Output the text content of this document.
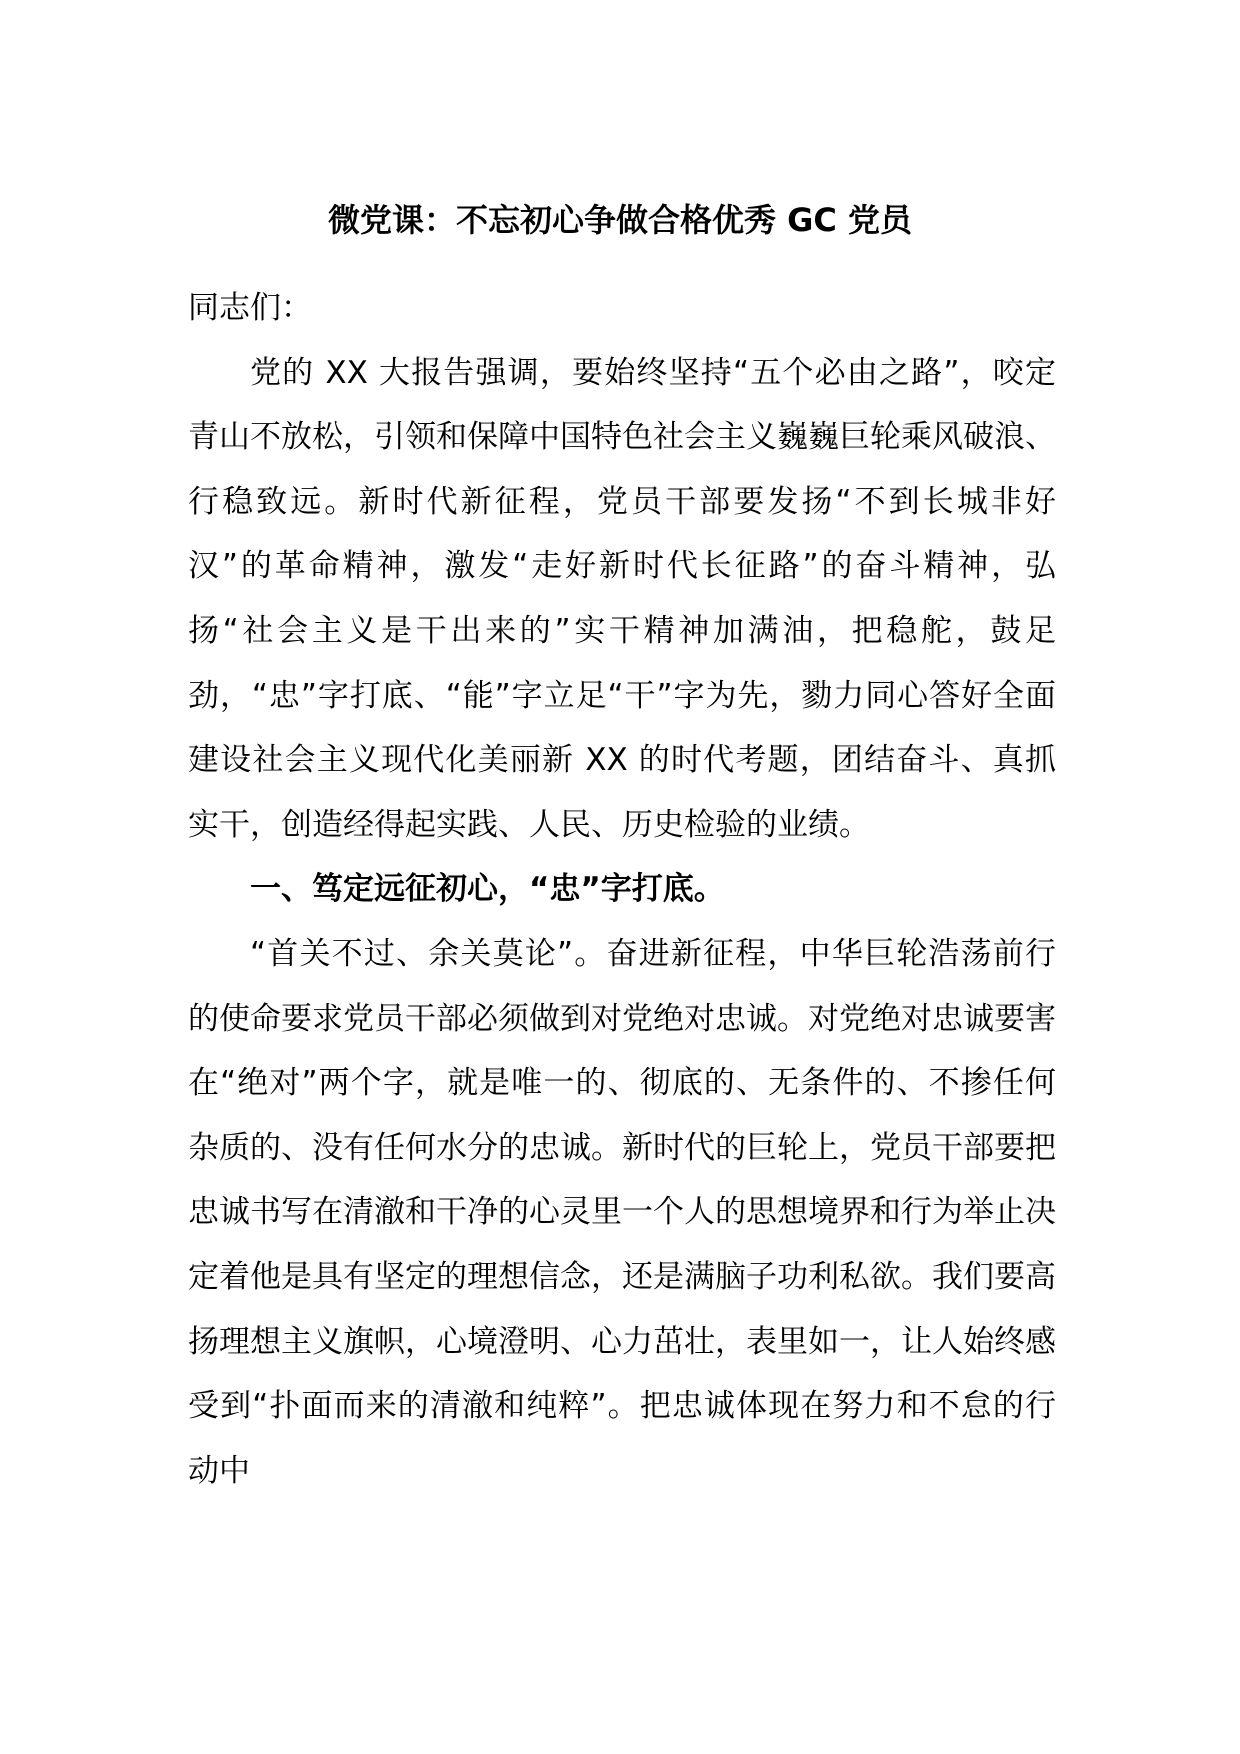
微党课：不忘初心争做合格优秀 GC 党员

同志们：

党的 XX 大报告强调，要始终坚持“五个必由之路”，咬定青山不放松，引领和保障中国特色社会主义巍巍巨轮乘风破浪、行稳致远。新时代新征程，党员干部要发扬“不到长城非好汉”的革命精神，激发“走好新时代长征路”的奋斗精神，弘扬“社会主义是干出来的”实干精神加满油，把稳舵，鼓足劲，“忠”字打底、“能”字立足“干”字为先，勠力同心答好全面建设社会主义现代化美丽新 XX 的时代考题，团结奋斗、真抓实干，创造经得起实践、人民、历史检验的业绩。

一、笃定远征初心，“忠”字打底。

“首关不过、余关莫论”。奋进新征程，中华巨轮浩荡前行的使命要求党员干部必须做到对党绝对忠诚。对党绝对忠诚要害在“绝对”两个字，就是唯一的、彻底的、无条件的、不掺任何杂质的、没有任何水分的忠诚。新时代的巨轮上，党员干部要把忠诚书写在清澈和干净的心灵里一个人的思想境界和行为举止决定着他是具有坚定的理想信念，还是满脑子功利私欲。我们要高扬理想主义旗帜，心境澄明、心力茁壮，表里如一，让人始终感受到“扑面而来的清澈和纯粹”。把忠诚体现在努力和不怠的行动中
